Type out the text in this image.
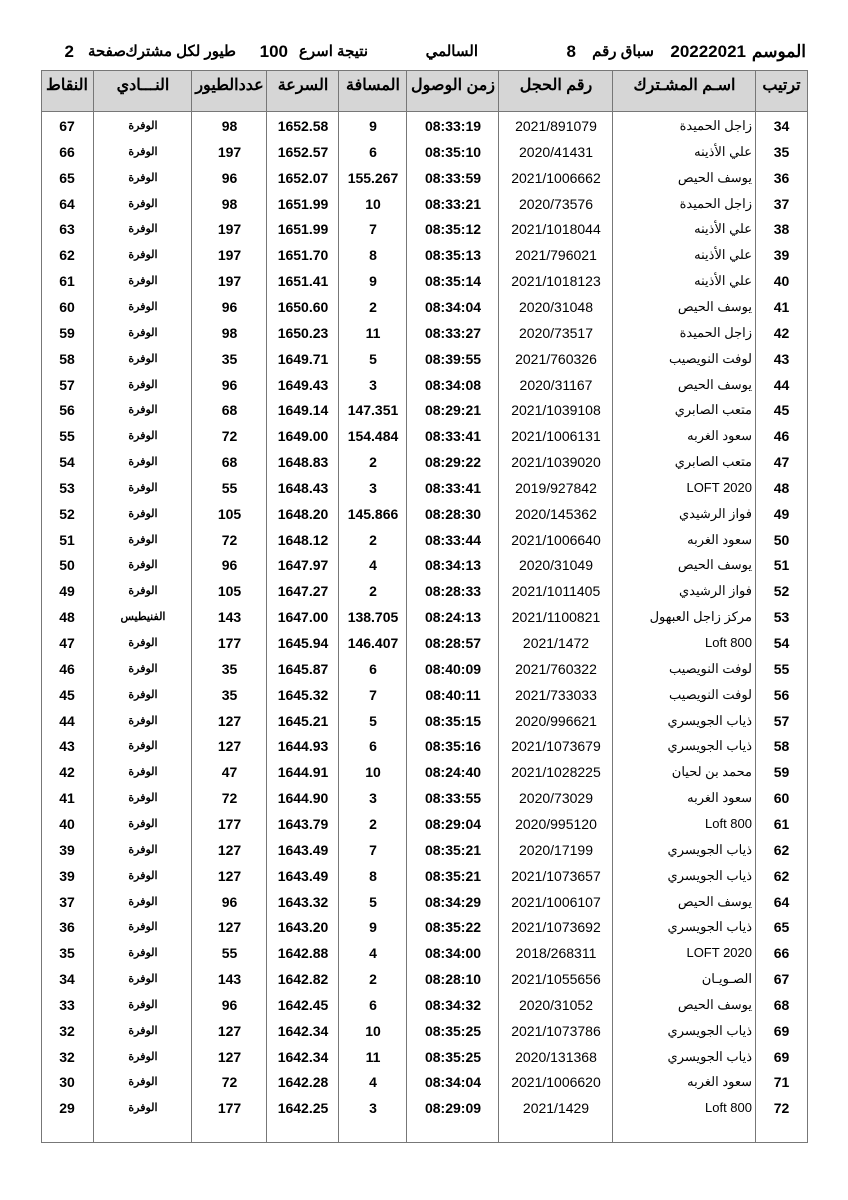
الموسم
20222021
سباق رقم
8
السالمي
نتيجة اسرع
100
طيور لكل مشترك
صفحة
2
ترتيب
اسـم المشـترك
رقم الحجل
زمن الوصول
المسافة
السرعة
عددالطيور
النـــادي
النقاط
34
زاجل الحميدة
2021/891079
08:33:19
9
1652.58
98
الوفرة
67
35
علي الأذينه
2020/41431
08:35:10
6
1652.57
197
الوفرة
66
36
يوسف الحيص
2021/1006662
08:33:59
155.267
1652.07
96
الوفرة
65
37
زاجل الحميدة
2020/73576
08:33:21
10
1651.99
98
الوفرة
64
38
علي الأذينه
2021/1018044
08:35:12
7
1651.99
197
الوفرة
63
39
علي الأذينه
2021/796021
08:35:13
8
1651.70
197
الوفرة
62
40
علي الأذينه
2021/1018123
08:35:14
9
1651.41
197
الوفرة
61
41
يوسف الحيص
2020/31048
08:34:04
2
1650.60
96
الوفرة
60
42
زاجل الحميدة
2020/73517
08:33:27
11
1650.23
98
الوفرة
59
43
لوفت النويصيب
2021/760326
08:39:55
5
1649.71
35
الوفرة
58
44
يوسف الحيص
2020/31167
08:34:08
3
1649.43
96
الوفرة
57
45
متعب الصابري
2021/1039108
08:29:21
147.351
1649.14
68
الوفرة
56
46
سعود الغربه
2021/1006131
08:33:41
154.484
1649.00
72
الوفرة
55
47
متعب الصابري
2021/1039020
08:29:22
2
1648.83
68
الوفرة
54
48
LOFT 2020
2019/927842
08:33:41
3
1648.43
55
الوفرة
53
49
فواز الرشيدي
2020/145362
08:28:30
145.866
1648.20
105
الوفرة
52
50
سعود الغربه
2021/1006640
08:33:44
2
1648.12
72
الوفرة
51
51
يوسف الحيص
2020/31049
08:34:13
4
1647.97
96
الوفرة
50
52
فواز الرشيدي
2021/1011405
08:28:33
2
1647.27
105
الوفرة
49
53
مركز زاجل العبهول
2021/1100821
08:24:13
138.705
1647.00
143
الفنيطيس
48
54
Loft 800
2021/1472
08:28:57
146.407
1645.94
177
الوفرة
47
55
لوفت النويصيب
2021/760322
08:40:09
6
1645.87
35
الوفرة
46
56
لوفت النويصيب
2021/733033
08:40:11
7
1645.32
35
الوفرة
45
57
ذياب الجويسري
2020/996621
08:35:15
5
1645.21
127
الوفرة
44
58
ذياب الجويسري
2021/1073679
08:35:16
6
1644.93
127
الوفرة
43
59
محمد بن لحيان
2021/1028225
08:24:40
10
1644.91
47
الوفرة
42
60
سعود الغربه
2020/73029
08:33:55
3
1644.90
72
الوفرة
41
61
Loft 800
2020/995120
08:29:04
2
1643.79
177
الوفرة
40
62
ذياب الجويسري
2020/17199
08:35:21
7
1643.49
127
الوفرة
39
62
ذياب الجويسري
2021/1073657
08:35:21
8
1643.49
127
الوفرة
39
64
يوسف الحيص
2021/1006107
08:34:29
5
1643.32
96
الوفرة
37
65
ذياب الجويسري
2021/1073692
08:35:22
9
1643.20
127
الوفرة
36
66
LOFT 2020
2018/268311
08:34:00
4
1642.88
55
الوفرة
35
67
الصـويـان
2021/1055656
08:28:10
2
1642.82
143
الوفرة
34
68
يوسف الحيص
2020/31052
08:34:32
6
1642.45
96
الوفرة
33
69
ذياب الجويسري
2021/1073786
08:35:25
10
1642.34
127
الوفرة
32
69
ذياب الجويسري
2020/131368
08:35:25
11
1642.34
127
الوفرة
32
71
سعود الغربه
2021/1006620
08:34:04
4
1642.28
72
الوفرة
30
72
Loft 800
2021/1429
08:29:09
3
1642.25
177
الوفرة
29
